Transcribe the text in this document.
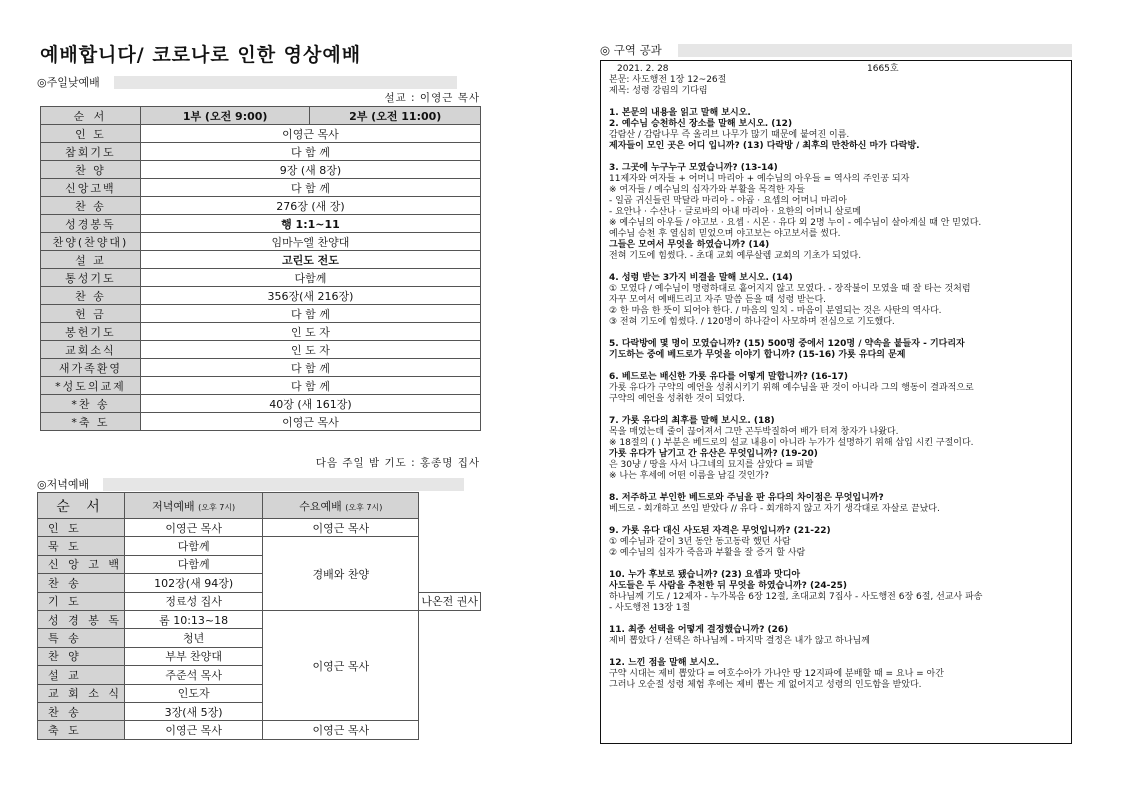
예배합니다/ 코로나로 인한 영상예배
◎주일낮예배
설교 : 이영근 목사
순 서	1부 (오전 9:00)	2부 (오전 11:00)
인 도	이영근 목사	
참회기도	다 함 께	
찬 양	9장 (새 8장)	
신앙고백	다 함 께	
찬 송	276장 (새 장)	
성경봉독	행 1:1~11	
찬양(찬양대)	임마누엘 찬양대	
설 교	고린도 전도	
통성기도	다함께	
찬 송	356장(새 216장)	
헌 금	다 함 께	
봉헌기도	인 도 자	
교회소식	인 도 자	
새가족환영	다 함 께	
*성도의교제	다 함 께	
*찬 송	40장 (새 161장)	
*축 도	이영근 목사	
다음 주일 밤 기도 : 홍종명 집사
◎저녁예배
순 서	저녁예배 (오후 7시)	수요예배 (오후 7시)	
인 도	이영근 목사	이영근 목사	
묵 도	다함께	경배와 찬양	
신 앙 고 백	다함께		
찬 송	102장(새 94장)		
기 도	정료성 집사		나온전 권사
성 경 봉 독	롬 10:13~18	이영근 목사	
특 송	청년		
찬 양	부부 찬양대		
설 교	주준석 목사		
교 회 소 식	인도자		
찬 송	3장(새 5장)		
축 도	이영근 목사	이영근 목사	
◎ 구역 공과
2021. 2. 28	1665호
본문: 사도행전 1장 12~26절
제목: 성령 강림의 기다림
1. 본문의 내용을 읽고 말해 보시오.
2. 예수님 승천하신 장소를 말해 보시오. (12)
감람산 / 감람나무 즉 올리브 나무가 많기 때문에 붙여진 이름.
제자들이 모인 곳은 어디 입니까? (13) 다락방 / 최후의 만찬하신 마가 다락방.
3. 그곳에 누구누구 모였습니까? (13-14)
11제자와 여자들 + 어머니 마리아 + 예수님의 아우들 = 역사의 주인공 되자
※ 여자들 / 예수님의 십자가와 부활을 목격한 자들
- 일곱 귀신들린 막달라 마리아 - 야곱 · 요셉의 어머니 마리아
- 요안나 · 수산나 · 글로바의 아내 마리아 · 요한의 어머니 살로메
※ 예수님의 아우들 / 야고보 · 요셉 · 시몬 · 유다 외 2명 누이 - 예수님이 살아계실 때 안 믿었다.
예수님 승천 후 열심히 믿었으며 야고보는 야고보서를 썼다.
그들은 모여서 무엇을 하였습니까? (14)
전혀 기도에 힘썼다. - 초대 교회 예루살렘 교회의 기초가 되었다.
4. 성령 받는 3가지 비결을 말해 보시오. (14)
① 모였다 / 예수님이 명령하대로 흩어지지 않고 모였다. - 장작불이 모였을 때 잘 타는 것처럼
자꾸 모여서 예배드리고 자주 말씀 듣을 때 성령 받는다.
② 한 마음 한 뜻이 되어야 한다. / 마음의 일치 - 마음이 분열되는 것은 사탄의 역사다.
③ 전혀 기도에 힘썼다. / 120명이 하나같이 사모하며 전심으로 기도했다.
5. 다락방에 몇 명이 모였습니까? (15) 500명 중에서 120명 / 약속을 붙들자 - 기다리자
기도하는 중에 베드로가 무엇을 이야기 합니까? (15-16) 가룟 유다의 문제
6. 베드로는 배신한 가룟 유다를 어떻게 말합니까? (16-17)
가룟 유다가 구약의 예언을 성취시키기 위해 예수님을 판 것이 아니라 그의 행동이 결과적으로
구약의 예언을 성취한 것이 되었다.
7. 가룟 유다의 최후를 말해 보시오. (18)
목을 매었는데 줄이 끊어져서 그만 곤두박질하여 배가 터져 창자가 나왔다.
※ 18절의 ( ) 부분은 베드로의 설교 내용이 아니라 누가가 설명하기 위해 삽입 시킨 구절이다.
가룟 유다가 남기고 간 유산은 무엇입니까? (19-20)
은 30냥 / 땅을 사서 나그네의 묘지를 삼았다 = 피밭
※ 나는 후세에 어떤 이름을 남길 것인가?
8. 저주하고 부인한 베드로와 주님을 판 유다의 차이점은 무엇입니까?
베드로 - 회개하고 쓰임 받았다 // 유다 - 회개하지 않고 자기 생각대로 자살로 끝났다.
9. 가룟 유다 대신 사도된 자격은 무엇입니까? (21-22)
① 예수님과 같이 3년 동안 동고동락 했던 사람
② 예수님의 십자가 죽음과 부활을 잘 증거 할 사람
10. 누가 후보로 됐습니까? (23) 요셉과 맛디아
사도들은 두 사람을 추천한 뒤 무엇을 하였습니까? (24-25)
하나님께 기도 / 12제자 - 누가복음 6장 12절, 초대교회 7집사 - 사도행전 6장 6절, 선교사 파송
- 사도행전 13장 1절
11. 최종 선택을 어떻게 결정했습니까? (26)
제비 뽑았다 / 선택은 하나님께 - 마지막 결정은 내가 않고 하나님께
12. 느낀 점을 말해 보시오.
구약 시대는 제비 뽑았다 = 여호수아가 가나안 땅 12지파에 분배할 때 = 요나 = 아간
그러나 오순절 성령 체험 후에는 제비 뽑는 게 없어지고 성령의 인도함을 받았다.
